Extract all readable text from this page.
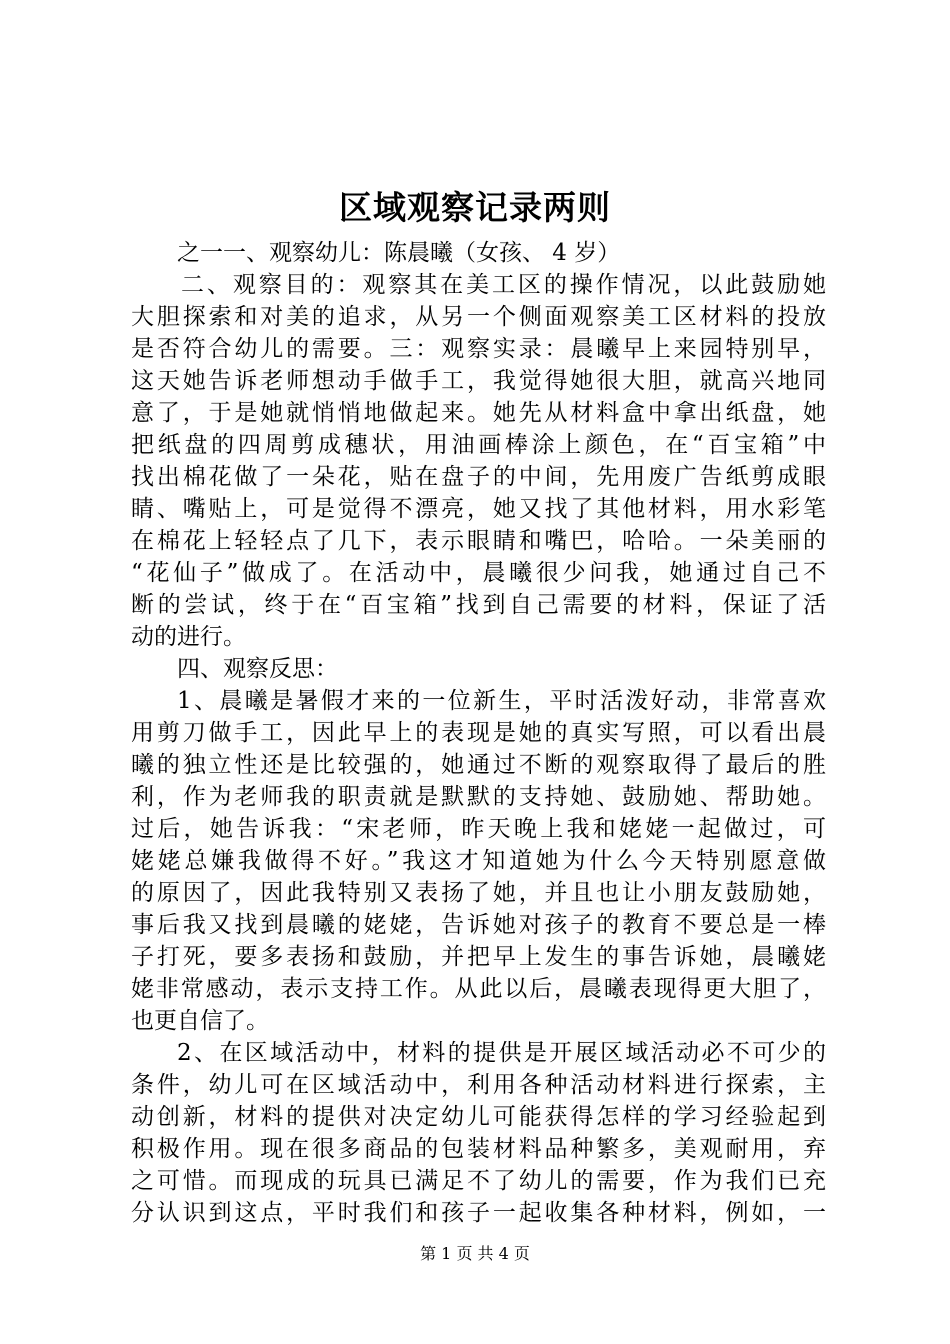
区域观察记录两则
之一一、观察幼儿：陈晨曦（女孩、 4 岁）
二、观察目的：观察其在美工区的操作情况，以此鼓励她
大胆探索和对美的追求，从另一个侧面观察美工区材料的投放
是否符合幼儿的需要。三：观察实录：晨曦早上来园特别早，
这天她告诉老师想动手做手工，我觉得她很大胆，就高兴地同
意了，于是她就悄悄地做起来。她先从材料盒中拿出纸盘，她
把纸盘的四周剪成穗状，用油画棒涂上颜色，在“百宝箱”中
找出棉花做了一朵花，贴在盘子的中间，先用废广告纸剪成眼
睛、嘴贴上，可是觉得不漂亮，她又找了其他材料，用水彩笔
在棉花上轻轻点了几下，表示眼睛和嘴巴，哈哈。一朵美丽的
“花仙子”做成了。在活动中，晨曦很少问我，她通过自己不
断的尝试，终于在“百宝箱”找到自己需要的材料，保证了活
动的进行。
四、观察反思：
1、晨曦是暑假才来的一位新生，平时活泼好动，非常喜欢
用剪刀做手工，因此早上的表现是她的真实写照，可以看出晨
曦的独立性还是比较强的，她通过不断的观察取得了最后的胜
利，作为老师我的职责就是默默的支持她、鼓励她、帮助她。
过后，她告诉我：“宋老师，昨天晚上我和姥姥一起做过，可
姥姥总嫌我做得不好。”我这才知道她为什么今天特别愿意做
的原因了，因此我特别又表扬了她，并且也让小朋友鼓励她，
事后我又找到晨曦的姥姥，告诉她对孩子的教育不要总是一棒
子打死，要多表扬和鼓励，并把早上发生的事告诉她，晨曦姥
姥非常感动，表示支持工作。从此以后，晨曦表现得更大胆了，
也更自信了。
2、在区域活动中，材料的提供是开展区域活动必不可少的
条件，幼儿可在区域活动中，利用各种活动材料进行探索，主
动创新，材料的提供对决定幼儿可能获得怎样的学习经验起到
积极作用。现在很多商品的包装材料品种繁多，美观耐用，弃
之可惜。而现成的玩具已满足不了幼儿的需要，作为我们已充
分认识到这点，平时我们和孩子一起收集各种材料，例如，一
第 1 页 共 4 页
